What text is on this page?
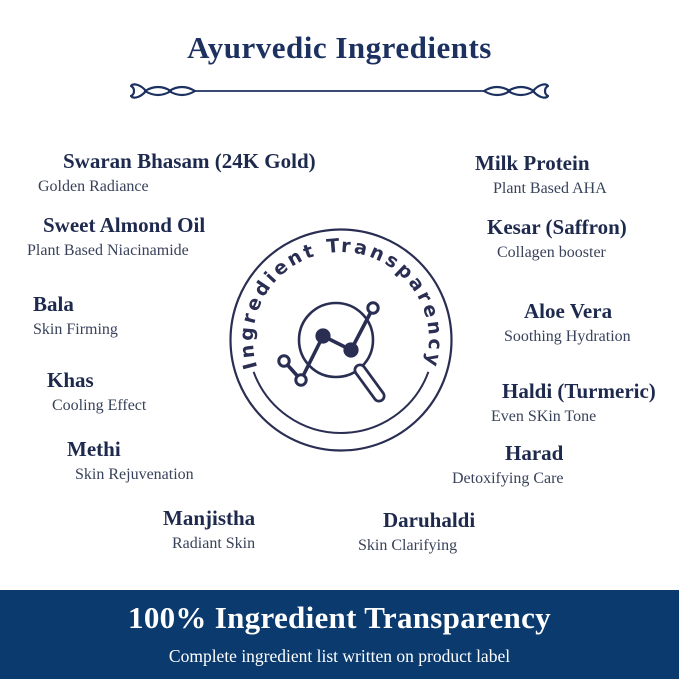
Ayurvedic Ingredients
Swaran Bhasam (24K Gold)
Golden Radiance
Sweet Almond Oil
Plant Based Niacinamide
Bala
Skin Firming
Khas
Cooling Effect
Methi
Skin Rejuvenation
Manjistha
Radiant Skin
Milk Protein
Plant Based AHA
Kesar (Saffron)
Collagen booster
Aloe Vera
Soothing Hydration
Haldi (Turmeric)
Even SKin Tone
Harad
Detoxifying Care
Daruhaldi
Skin Clarifying
Ingredient Transparency
100% Ingredient Transparency
Complete ingredient list written on product label
